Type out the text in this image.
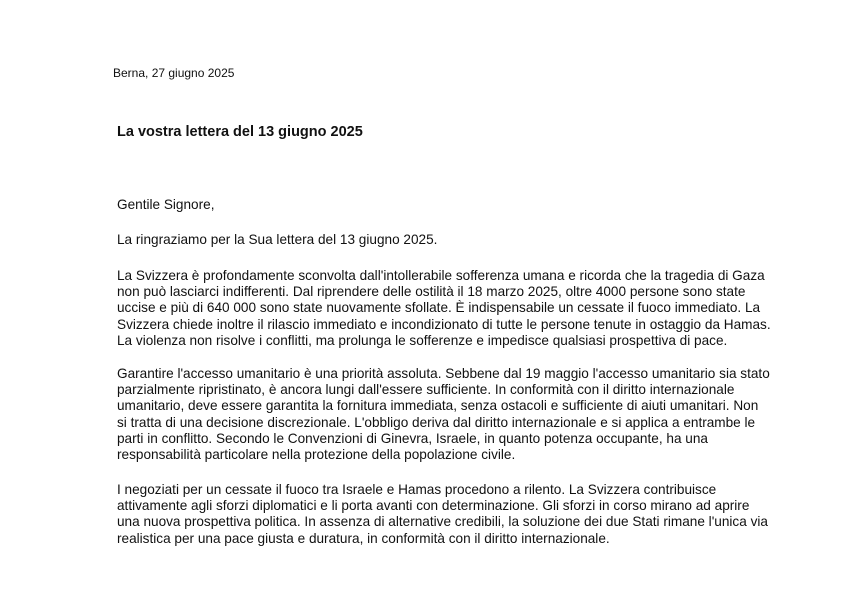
Berna, 27 giugno 2025
La vostra lettera del 13 giugno 2025
Gentile Signore,
La ringraziamo per la Sua lettera del 13 giugno 2025.
La Svizzera è profondamente sconvolta dall'intollerabile sofferenza umana e ricorda che la tragedia di Gaza
non può lasciarci indifferenti. Dal riprendere delle ostilità il 18 marzo 2025, oltre 4000 persone sono state
uccise e più di 640 000 sono state nuovamente sfollate. È indispensabile un cessate il fuoco immediato. La
Svizzera chiede inoltre il rilascio immediato e incondizionato di tutte le persone tenute in ostaggio da Hamas.
La violenza non risolve i conflitti, ma prolunga le sofferenze e impedisce qualsiasi prospettiva di pace.
Garantire l'accesso umanitario è una priorità assoluta. Sebbene dal 19 maggio l'accesso umanitario sia stato
parzialmente ripristinato, è ancora lungi dall'essere sufficiente. In conformità con il diritto internazionale
umanitario, deve essere garantita la fornitura immediata, senza ostacoli e sufficiente di aiuti umanitari. Non
si tratta di una decisione discrezionale. L'obbligo deriva dal diritto internazionale e si applica a entrambe le
parti in conflitto. Secondo le Convenzioni di Ginevra, Israele, in quanto potenza occupante, ha una
responsabilità particolare nella protezione della popolazione civile.
I negoziati per un cessate il fuoco tra Israele e Hamas procedono a rilento. La Svizzera contribuisce
attivamente agli sforzi diplomatici e li porta avanti con determinazione. Gli sforzi in corso mirano ad aprire
una nuova prospettiva politica. In assenza di alternative credibili, la soluzione dei due Stati rimane l'unica via
realistica per una pace giusta e duratura, in conformità con il diritto internazionale.
